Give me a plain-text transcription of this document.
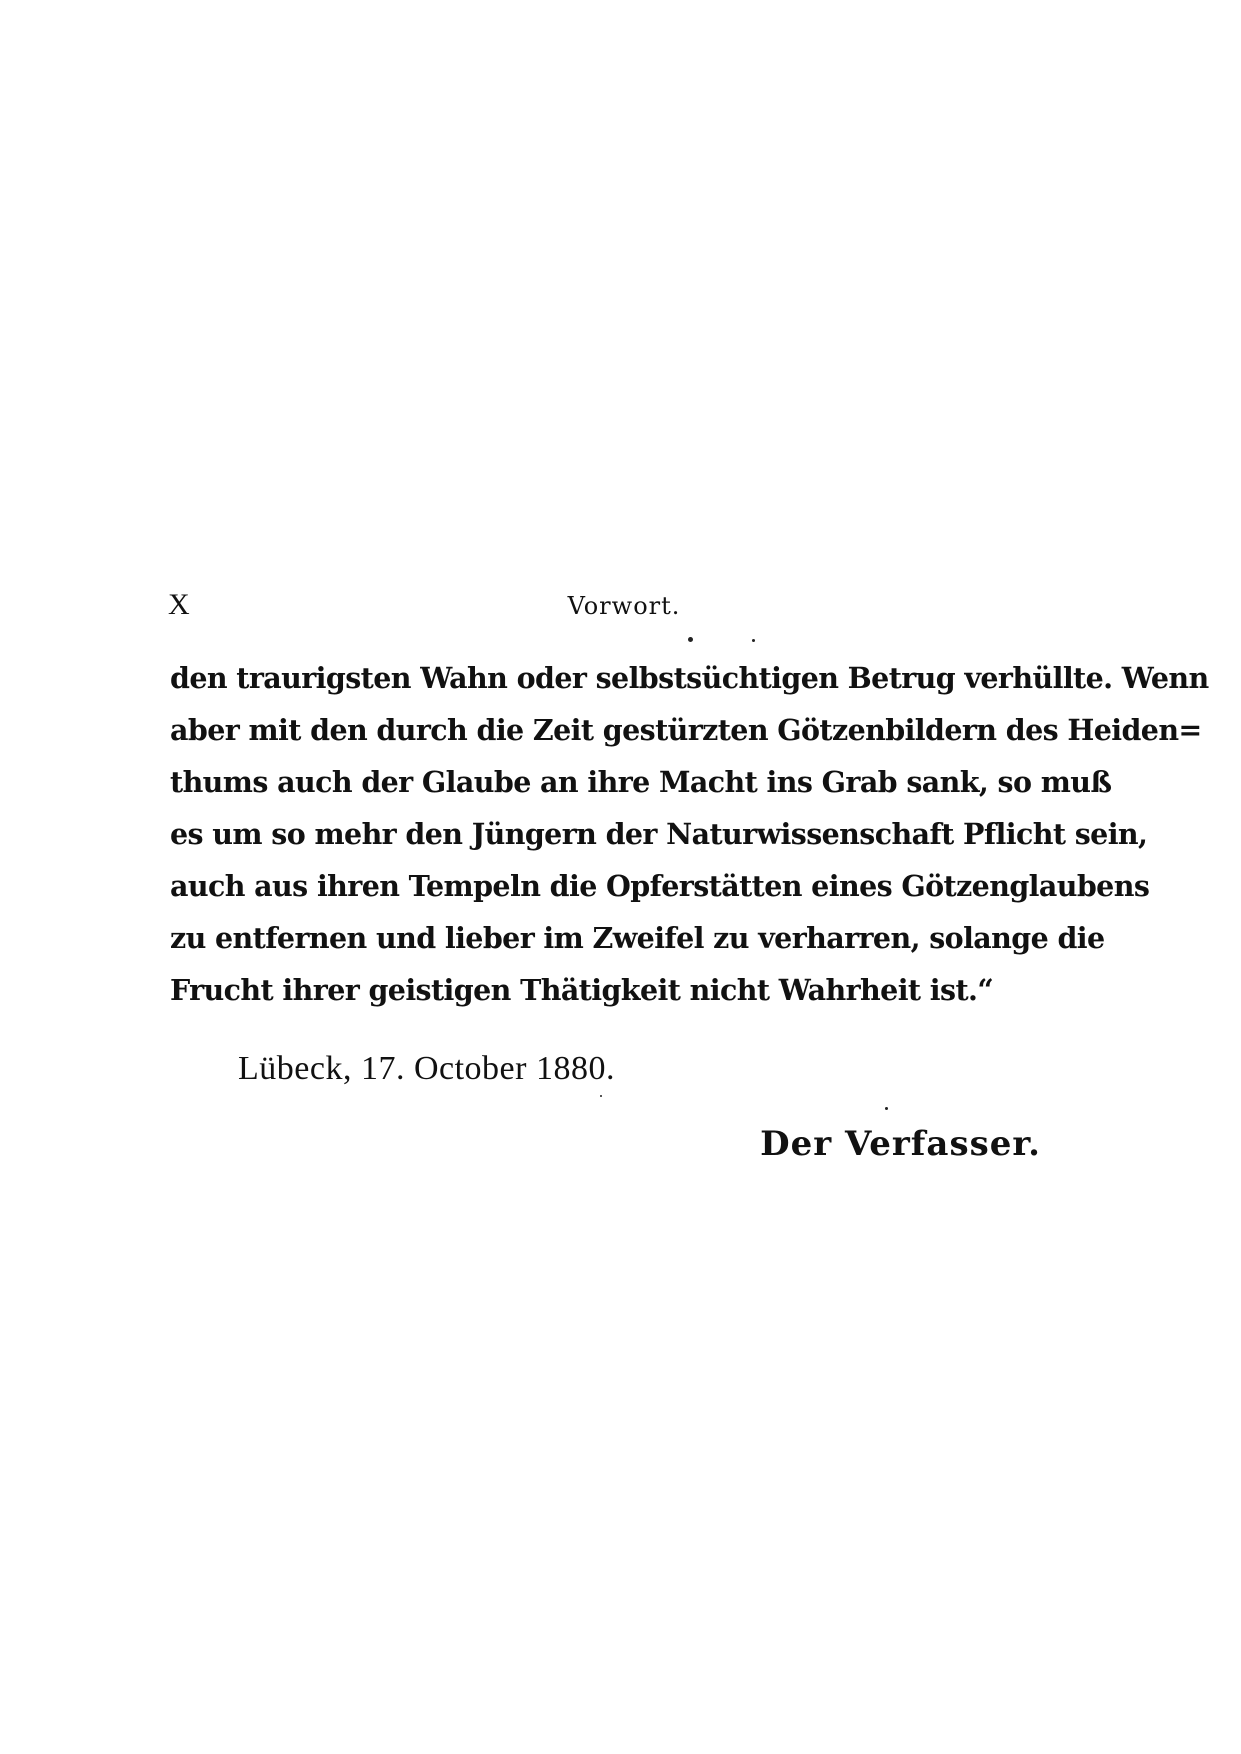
X	Vorwort.
den traurigsten Wahn oder selbstsüchtigen Betrug verhüllte. Wenn
aber mit den durch die Zeit gestürzten Götzenbildern des Heiden=
thums auch der Glaube an ihre Macht ins Grab sank, so muß
es um so mehr den Jüngern der Naturwissenschaft Pflicht sein,
auch aus ihren Tempeln die Opferstätten eines Götzenglaubens
zu entfernen und lieber im Zweifel zu verharren, solange die
Frucht ihrer geistigen Thätigkeit nicht Wahrheit ist.“
Lübeck, 17. October 1880.
Der Verfasser.
